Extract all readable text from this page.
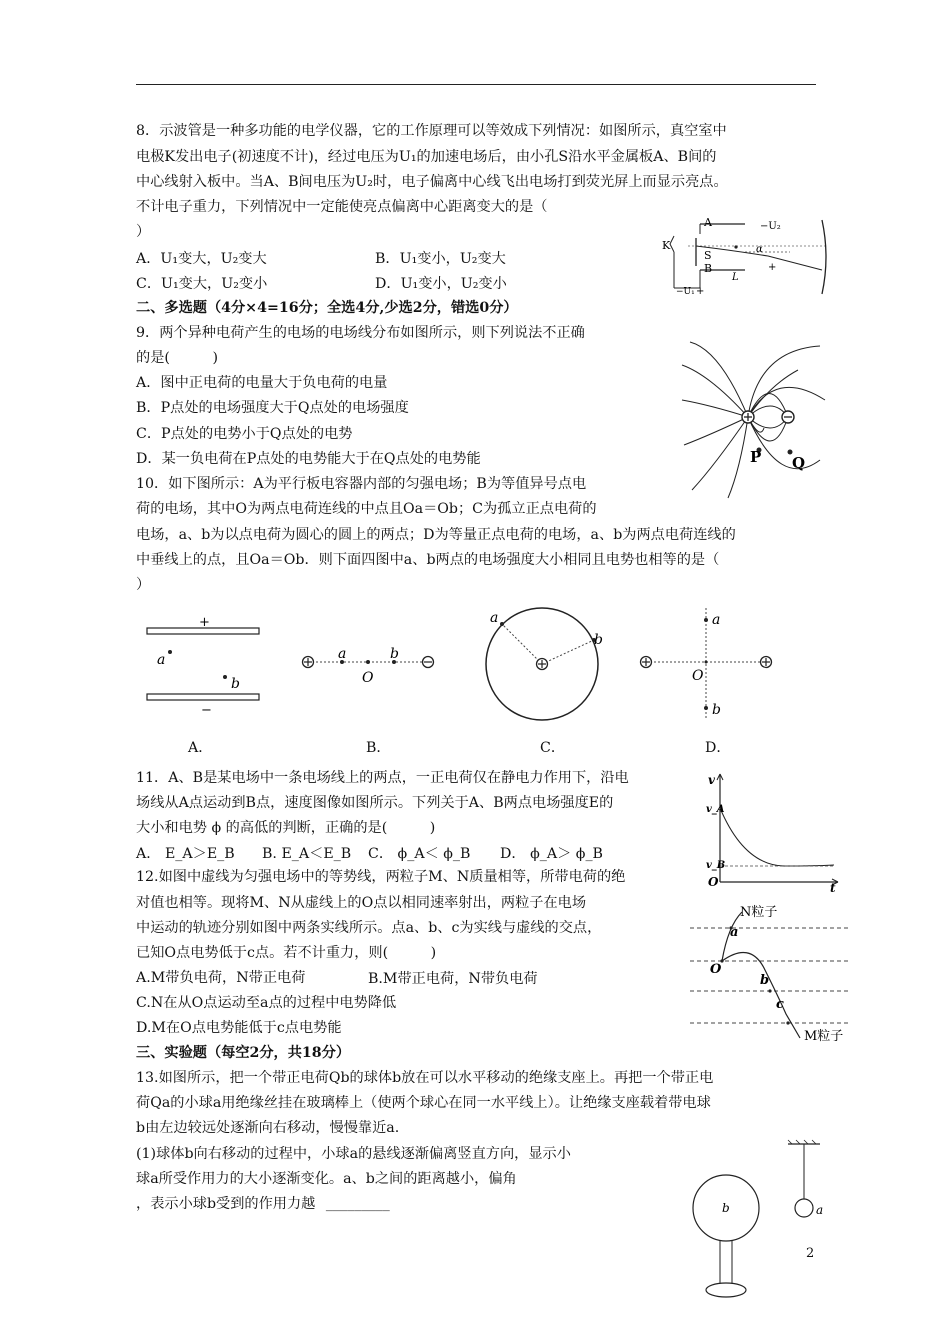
8．示波管是一种多功能的电学仪器，它的工作原理可以等效成下列情况：如图所示，真空室中
电极K发出电子(初速度不计)，经过电压为U₁的加速电场后，由小孔S沿水平金属板A、B间的
中心线射入板中。当A、B间电压为U₂时，电子偏离中心线飞出电场打到荧光屏上而显示亮点。
不计电子重力，下列情况中一定能使亮点偏离中心距离变大的是（
）
A．U₁变大，U₂变大	B．U₁变小，U₂变大
C．U₁变大，U₂变小	D．U₁变小，U₂变小
A	−U₂
K
S
B
α
+
L
−U₁ +
二、多选题（4分×4=16分；全选4分,少选2分，错选0分）
9．两个异种电荷产生的电场的电场线分布如图所示，则下列说法不正确
的是(　　　)
A．图中正电荷的电量大于负电荷的电量
B．P点处的电场强度大于Q点处的电场强度
C．P点处的电势小于Q点处的电势
D．某一负电荷在P点处的电势能大于在Q点处的电势能	P Q
10．如下图所示：A为平行板电容器内部的匀强电场；B为等值异号点电
荷的电场，其中O为两点电荷连线的中点且Oa＝Ob；C为孤立正点电荷的
电场，a、b为以点电荷为圆心的圆上的两点；D为等量正点电荷的电场，a、b为两点电荷连线的
中垂线上的点，且Oa＝Ob．则下面四图中a、b两点的电场强度大小相同且电势也相等的是（
）
+
−
a
b
a	b
O
a
b
a
b
O
A．	B．	C．	D．
11．A、B是某电场中一条电场线上的两点，一正电荷仅在静电力作用下，沿电
场线从A点运动到B点，速度图像如图所示。下列关于A、B两点电场强度E的
大小和电势 ϕ 的高低的判断，正确的是(　　　)
A． E_A＞E_B B. E_A＜E_B C． ϕ_A＜ ϕ_B D． ϕ_A＞ ϕ_B
v
v_A
v_B
O	t
12.如图中虚线为匀强电场中的等势线，两粒子M、N质量相等，所带电荷的绝
对值也相等。现将M、N从虚线上的O点以相同速率射出，两粒子在电场
中运动的轨迹分别如图中两条实线所示。点a、b、c为实线与虚线的交点，
已知O点电势低于c点。若不计重力，则(　　　)
A.M带负电荷，N带正电荷	B.M带正电荷，N带负电荷
C.N在从O点运动至a点的过程中电势降低
D.M在O点电势能低于c点电势能
N粒子
O
a
b
c
M粒子
三、实验题（每空2分，共18分）
13.如图所示，把一个带正电荷Qb的球体b放在可以水平移动的绝缘支座上。再把一个带正电
荷Qa的小球a用绝缘丝挂在玻璃棒上（使两个球心在同一水平线上）。让绝缘支座载着带电球
b由左边较远处逐渐向右移动，慢慢靠近a.
(1)球体b向右移动的过程中，小球a的悬线逐渐偏离竖直方向，显示小
球a所受作用力的大小逐渐变化。a、b之间的距离越小，偏角
，表示小球b受到的作用力越 _________	a
b
2
